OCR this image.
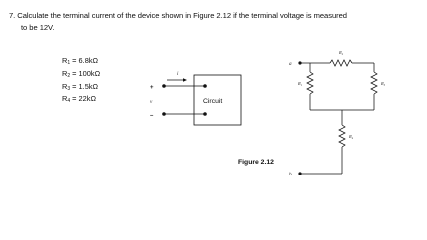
7. Calculate the terminal current of the device shown in Figure 2.12 if the terminal voltage is measured
to be 12V.
$R_1 = 6.8k\Omega$
$R_2 = 100k\Omega$
$R_3 = 1.5k\Omega$
$R_4 = 22k\Omega$
i
+
v
–
a
b
R₁
R₂
R₃
R₄
Circuit
Figure 2.12
